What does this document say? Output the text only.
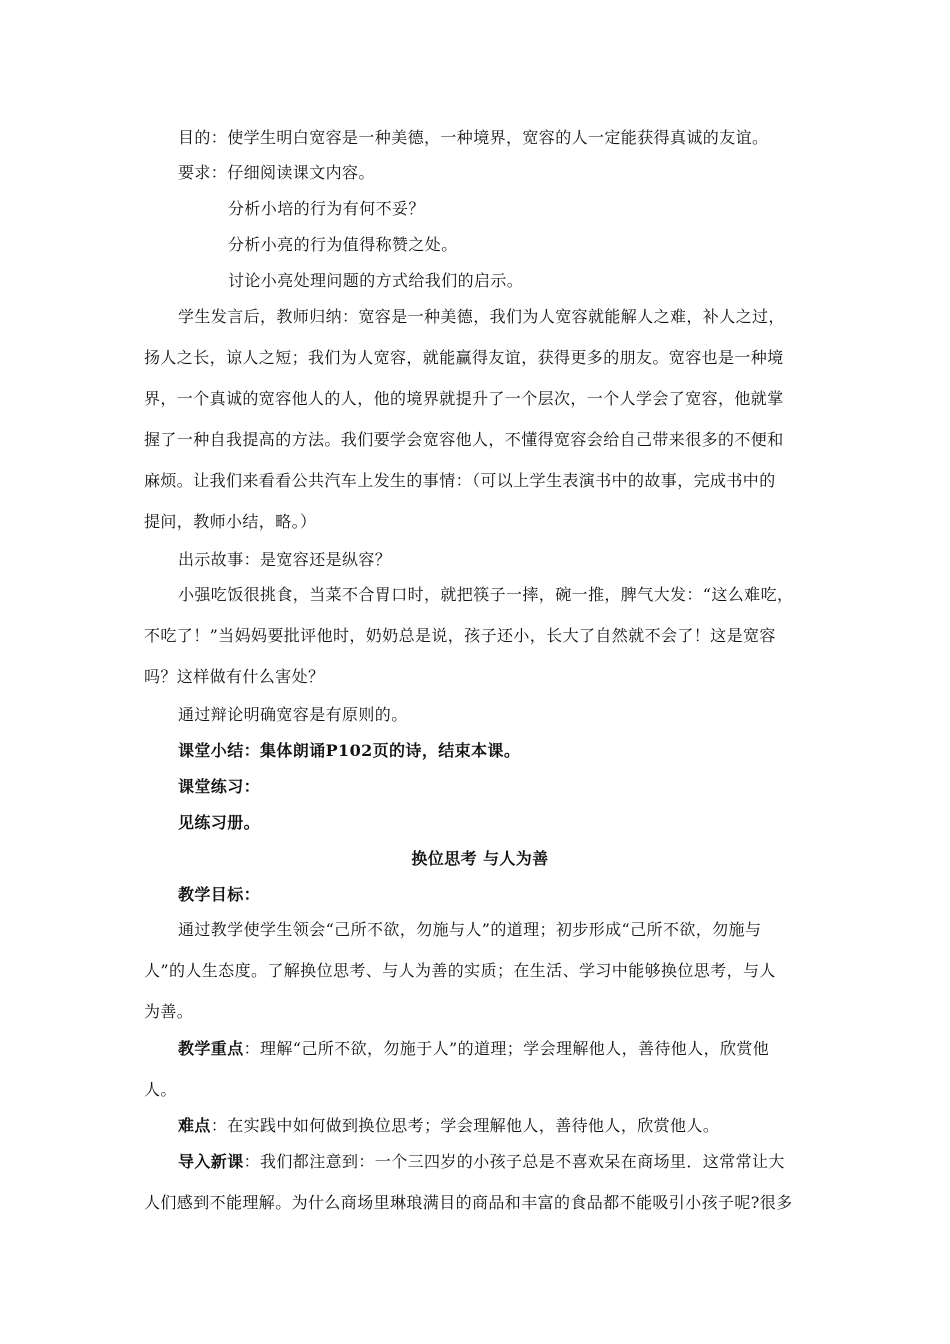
目的：使学生明白宽容是一种美德，一种境界，宽容的人一定能获得真诚的友谊。
要求：仔细阅读课文内容。
分析小培的行为有何不妥？
分析小亮的行为值得称赞之处。
讨论小亮处理问题的方式给我们的启示。
学生发言后，教师归纳：宽容是一种美德，我们为人宽容就能解人之难，补人之过，
扬人之长，谅人之短；我们为人宽容，就能赢得友谊，获得更多的朋友。宽容也是一种境
界，一个真诚的宽容他人的人，他的境界就提升了一个层次，一个人学会了宽容，他就掌
握了一种自我提高的方法。我们要学会宽容他人，不懂得宽容会给自己带来很多的不便和
麻烦。让我们来看看公共汽车上发生的事情：（可以上学生表演书中的故事，完成书中的
提问，教师小结，略。）
出示故事：是宽容还是纵容？
小强吃饭很挑食，当菜不合胃口时，就把筷子一摔，碗一推，脾气大发：“这么难吃，
不吃了！”当妈妈要批评他时，奶奶总是说，孩子还小，长大了自然就不会了！这是宽容
吗？这样做有什么害处？
通过辩论明确宽容是有原则的。
课堂小结：集体朗诵P102页的诗，结束本课。
课堂练习：
见练习册。
换位思考 与人为善
教学目标：
通过教学使学生领会“己所不欲，勿施与人”的道理；初步形成“己所不欲，勿施与
人”的人生态度。了解换位思考、与人为善的实质；在生活、学习中能够换位思考，与人
为善。
教学重点：理解“己所不欲，勿施于人”的道理；学会理解他人，善待他人，欣赏他
人。
难点：在实践中如何做到换位思考；学会理解他人，善待他人，欣赏他人。
导入新课：我们都注意到：一个三四岁的小孩子总是不喜欢呆在商场里．这常常让大
人们感到不能理解。为什么商场里琳琅满目的商品和丰富的食品都不能吸引小孩子呢?很多
